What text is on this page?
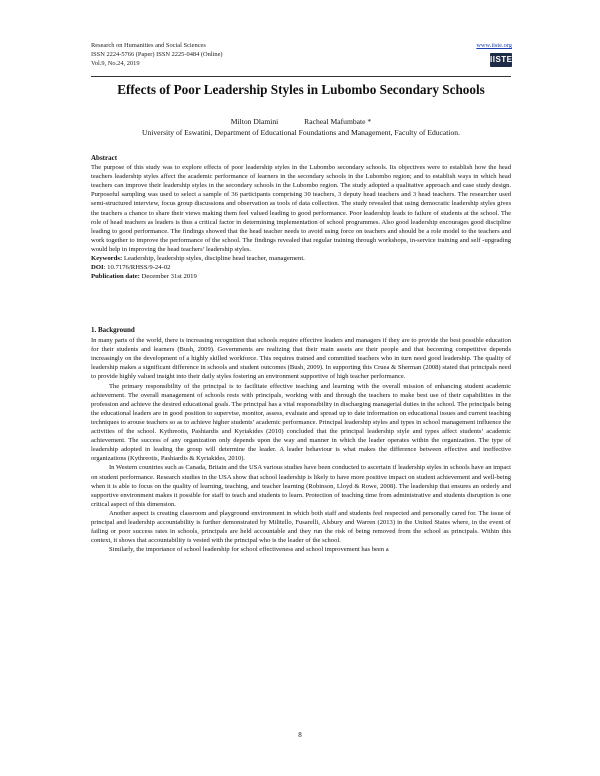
Research on Humanities and Social Sciences
ISSN 2224-5766 (Paper) ISSN 2225-0484 (Online)
Vol.9, No.24, 2019
www.iiste.org
IISTE
Effects of Poor Leadership Styles in Lubombo Secondary Schools
Milton Dlamini	Racheal Mafumbate *
University of Eswatini, Department of Educational Foundations and Management, Faculty of Education.
Abstract

The purpose of this study was to explore effects of poor leadership styles in the Lubombo secondary schools. Its objectives were to establish how the head teachers leadership styles affect the academic performance of learners in the secondary schools in the Lubombo region; and to establish ways in which head teachers can improve their leadership styles in the secondary schools in the Lubombo region. The study adopted a qualitative approach and case study design. Purposeful sampling was used to select a sample of 36 participants comprising 30 teachers, 3 deputy head teachers and 3 head teachers. The researcher used semi-structured interview, focus group discussions and observation as tools of data collection. The study revealed that using democratic leadership styles gives the teachers a chance to share their views making them feel valued leading to good performance. Poor leadership leads to failure of students at the school. The role of head teachers as leaders is thus a critical factor in determining implementation of school programmes. Also good leadership encourages good discipline leading to good performance. The findings showed that the head teacher needs to avoid using force on teachers and should be a role model to the teachers and work together to improve the performance of the school. The findings revealed that regular training through workshops, in-service training and self -upgrading would help in improving the head teachers’ leadership styles.

Keywords: Leadership, leadership styles, discipline head teacher, management.
DOI: 10.7176/RHSS/9-24-02
Publication date: December 31st 2019
1. Background

In many parts of the world, there is increasing recognition that schools require effective leaders and managers if they are to provide the best possible education for their students and learners (Bush, 2009). Governments are realizing that their main assets are their people and that becoming competitive depends increasingly on the development of a highly skilled workforce. This requires trained and committed teachers who in turn need good leadership. The quality of leadership makes a significant difference in schools and student outcomes (Bush, 2009). In supporting this Cruea & Sherman (2008) stated that principals need to provide highly valued insight into their daily styles fostering an environment supportive of high teacher performance.

The primary responsibility of the principal is to facilitate effective teaching and learning with the overall mission of enhancing student academic achievement. The overall management of schools rests with principals, working with and through the teachers to make best use of their capabilities in the profession and achieve the desired educational goals. The principal has a vital responsibility in discharging managerial duties in the school. The principals being the educational leaders are in good position to supervise, monitor, assess, evaluate and spread up to date information on educational issues and current teaching techniques to arouse teachers so as to achieve higher students’ academic performance. Principal leadership styles and types in school management influence the activities of the school. Kythreotis, Pashiardis and Kyriakides (2010) concluded that the principal leadership style and types affect students’ academic achievement. The success of any organization only depends upon the way and manner in which the leader operates within the organization. The type of leadership adopted in leading the group will determine the leader. A leader behaviour is what makes the difference between effective and ineffective organizations (Kythreotis, Pashiardis & Kyriakides, 2010).

In Western countries such as Canada, Britain and the USA various studies have been conducted to ascertain if leadership styles in schools have an impact on student performance. Research studies in the USA show that school leadership is likely to have more positive impact on student achievement and well-being when it is able to focus on the quality of learning, teaching, and teacher learning (Robinson, Lloyd & Rowe, 2008). The leadership that ensures an orderly and supportive environment makes it possible for staff to teach and students to learn. Protection of teaching time from administrative and students disruption is one critical aspect of this dimension.

Another aspect is creating classroom and playground environment in which both staff and students feel respected and personally cared for. The issue of principal and leadership accountability is further demonstrated by Militello, Fusarelli, Alsbury and Warren (2013) in the United States where, in the event of failing or poor success rates in schools, principals are held accountable and they run the risk of being removed from the school as principals. Within this context, it shows that accountability is vested with the principal who is the leader of the school.

Similarly, the importance of school leadership for school effectiveness and school improvement has been a

8
